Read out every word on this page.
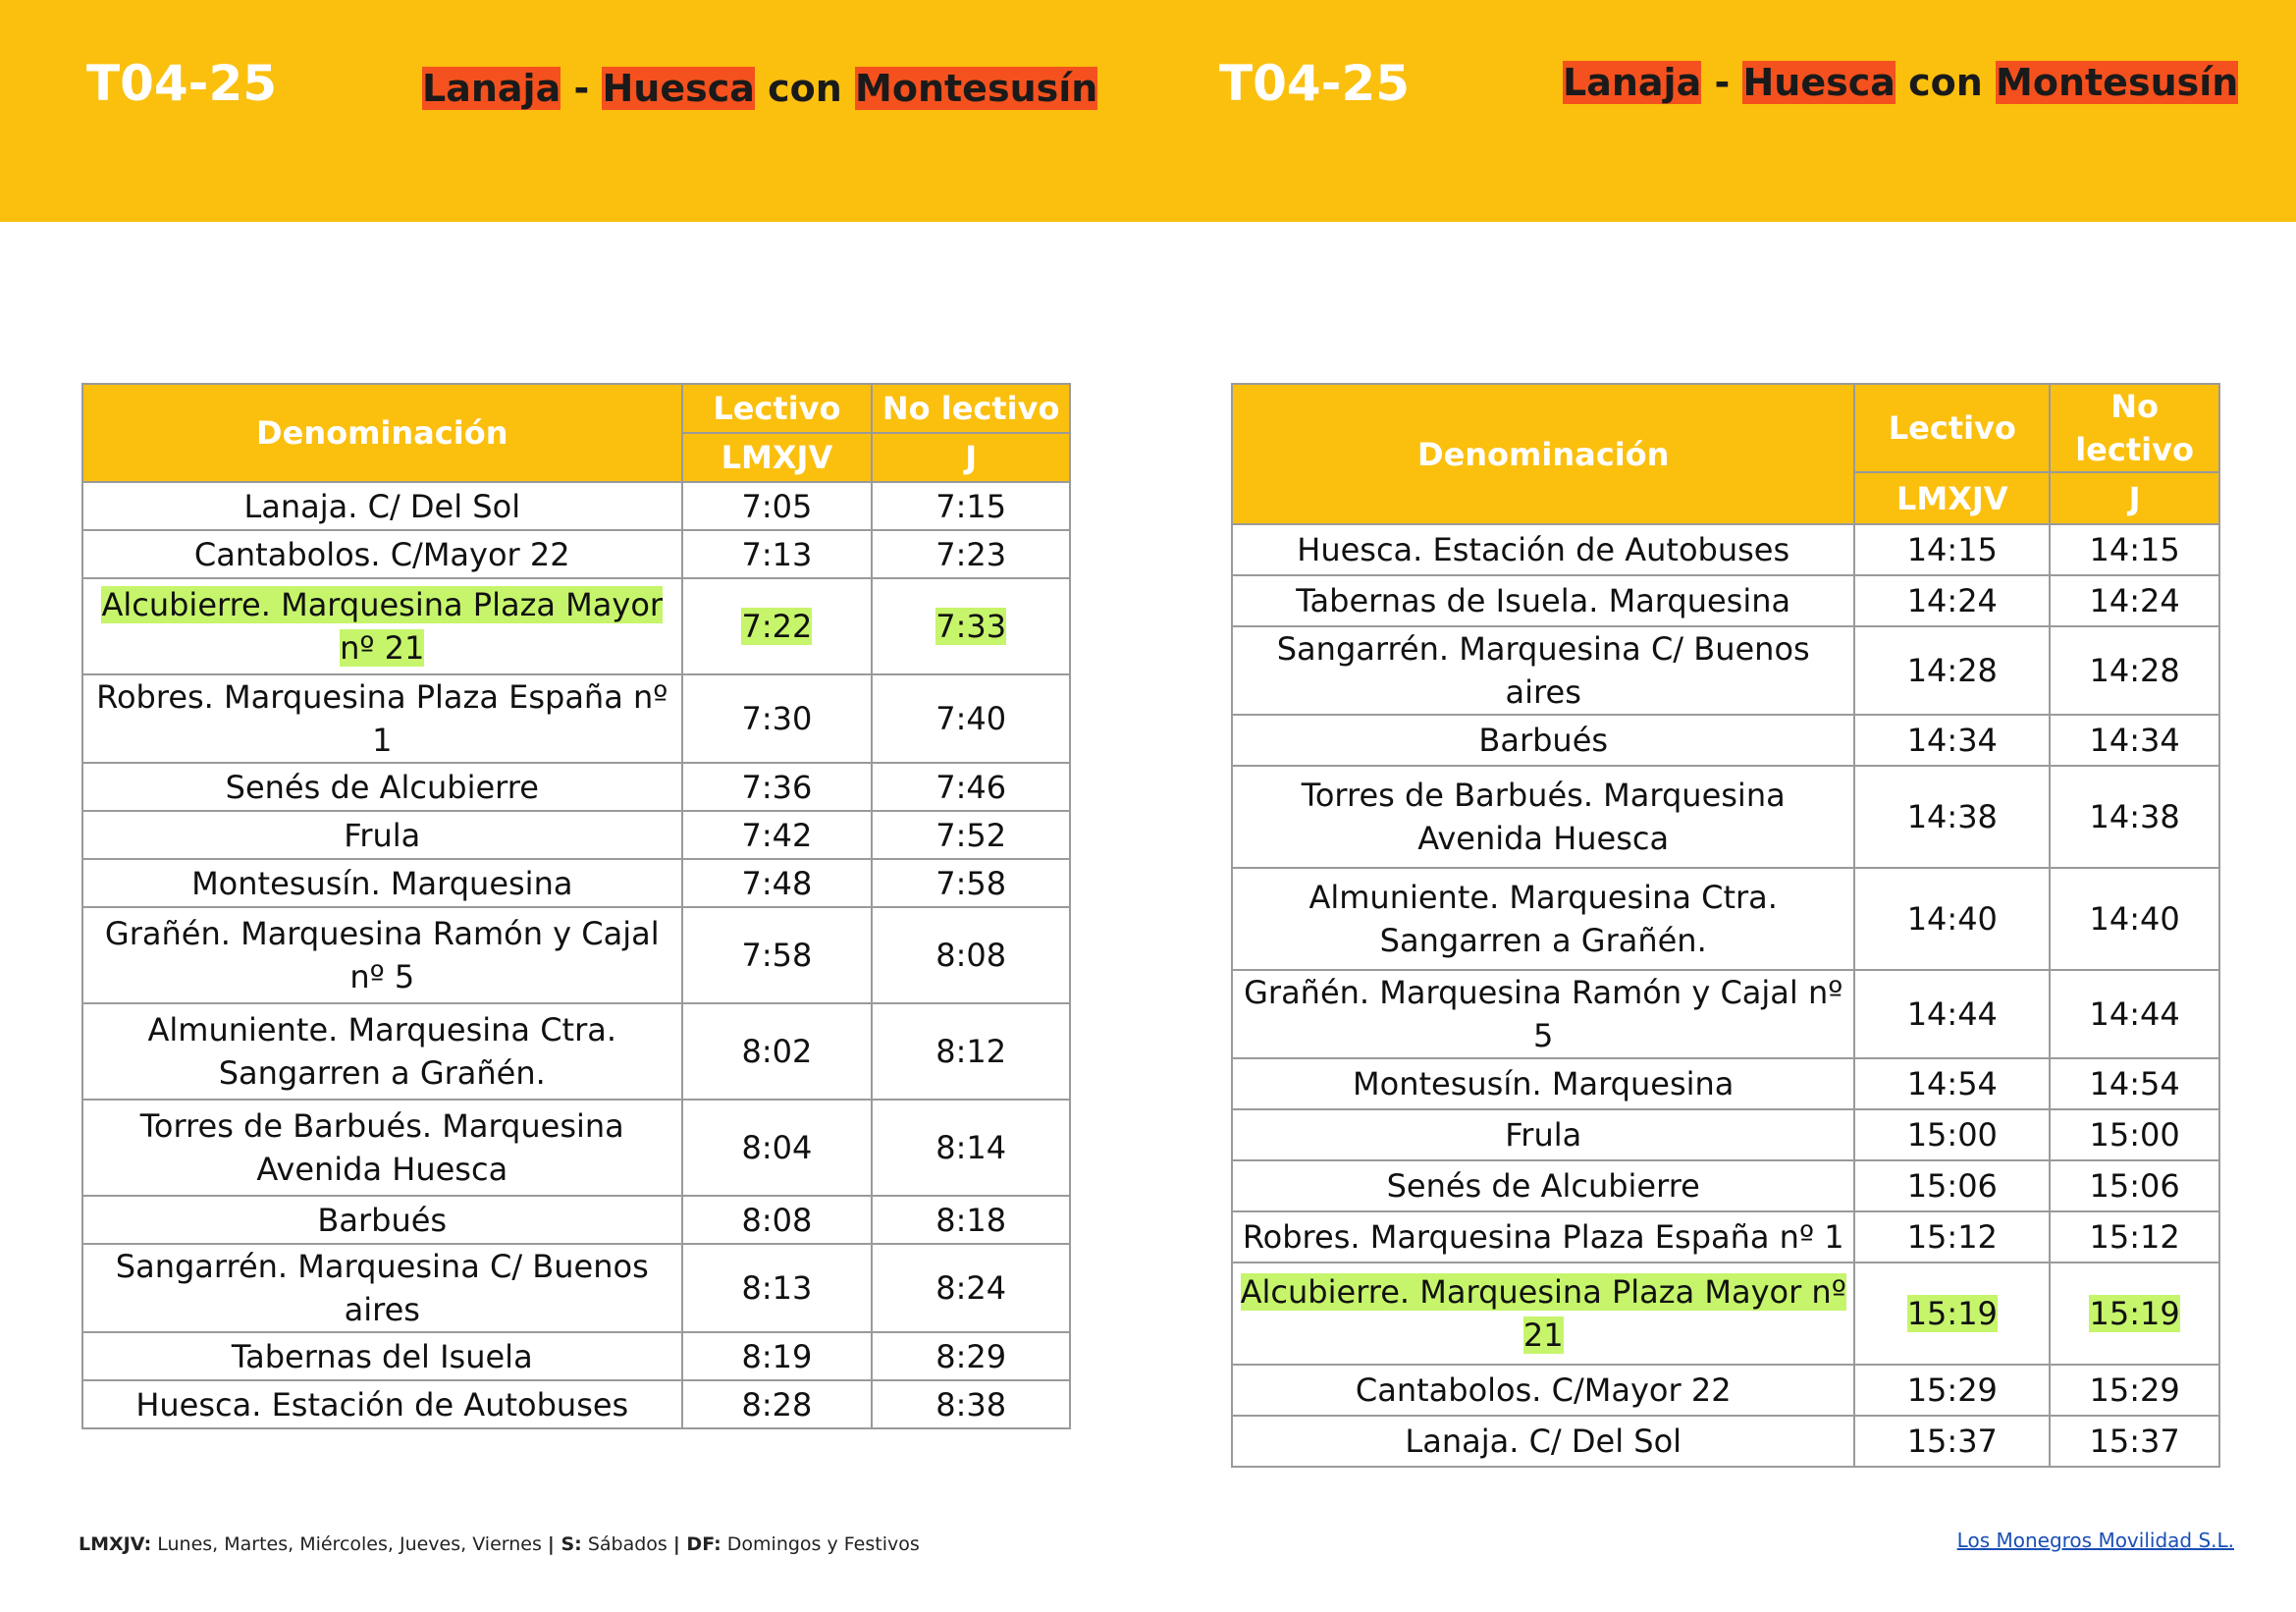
T04-25	Lanaja - Huesca con Montesusín T04-25	Lanaja - Huesca con Montesusín
Denominación	Lectivo	No lectivo
	LMXJV	J
Lanaja. C/ Del Sol	7:05	7:15
Cantabolos. C/Mayor 22	7:13	7:23
Alcubierre. Marquesina Plaza Mayor nº 21	7:22	7:33
Robres. Marquesina Plaza España nº 1	7:30	7:40
Senés de Alcubierre	7:36	7:46
Frula	7:42	7:52
Montesusín. Marquesina	7:48	7:58
Grañén. Marquesina Ramón y Cajal nº 5	7:58	8:08
Almuniente. Marquesina Ctra. Sangarren a Grañén.	8:02	8:12
Torres de Barbués. Marquesina Avenida Huesca	8:04	8:14
Barbués	8:08	8:18
Sangarrén. Marquesina C/ Buenos aires	8:13	8:24
Tabernas del Isuela	8:19	8:29
Huesca. Estación de Autobuses	8:28	8:38
Denominación	Lectivo	No lectivo
	LMXJV	J
Huesca. Estación de Autobuses	14:15	14:15
Tabernas de Isuela. Marquesina	14:24	14:24
Sangarrén. Marquesina C/ Buenos aires	14:28	14:28
Barbués	14:34	14:34
Torres de Barbués. Marquesina Avenida Huesca	14:38	14:38
Almuniente. Marquesina Ctra. Sangarren a Grañén.	14:40	14:40
Grañén. Marquesina Ramón y Cajal nº 5	14:44	14:44
Montesusín. Marquesina	14:54	14:54
Frula	15:00	15:00
Senés de Alcubierre	15:06	15:06
Robres. Marquesina Plaza España nº 1	15:12	15:12
Alcubierre. Marquesina Plaza Mayor nº 21	15:19	15:19
Cantabolos. C/Mayor 22	15:29	15:29
Lanaja. C/ Del Sol	15:37	15:37
LMXJV: Lunes, Martes, Miércoles, Jueves, Viernes | S: Sábados | DF: Domingos y Festivos	Los Monegros Movilidad S.L.
